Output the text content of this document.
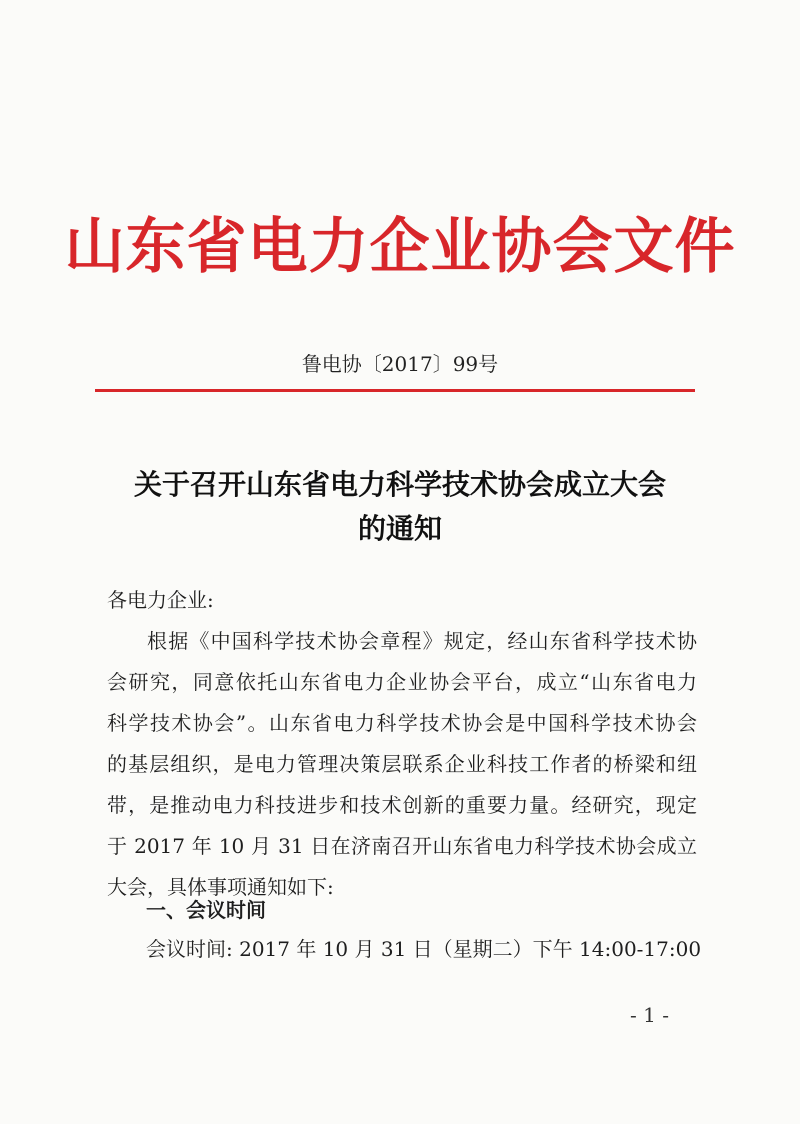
山东省电力企业协会文件
鲁电协〔2017〕99号
关于召开山东省电力科学技术协会成立大会
的通知
各电力企业:
根据《中国科学技术协会章程》规定，经山东省科学技术协
会研究，同意依托山东省电力企业协会平台，成立“山东省电力
科学技术协会”。山东省电力科学技术协会是中国科学技术协会
的基层组织，是电力管理决策层联系企业科技工作者的桥梁和纽
带，是推动电力科技进步和技术创新的重要力量。经研究，现定
于 2017 年 10 月 31 日在济南召开山东省电力科学技术协会成立
大会，具体事项通知如下:
一、会议时间
会议时间: 2017 年 10 月 31 日（星期二）下午 14:00-17:00
- 1 -
